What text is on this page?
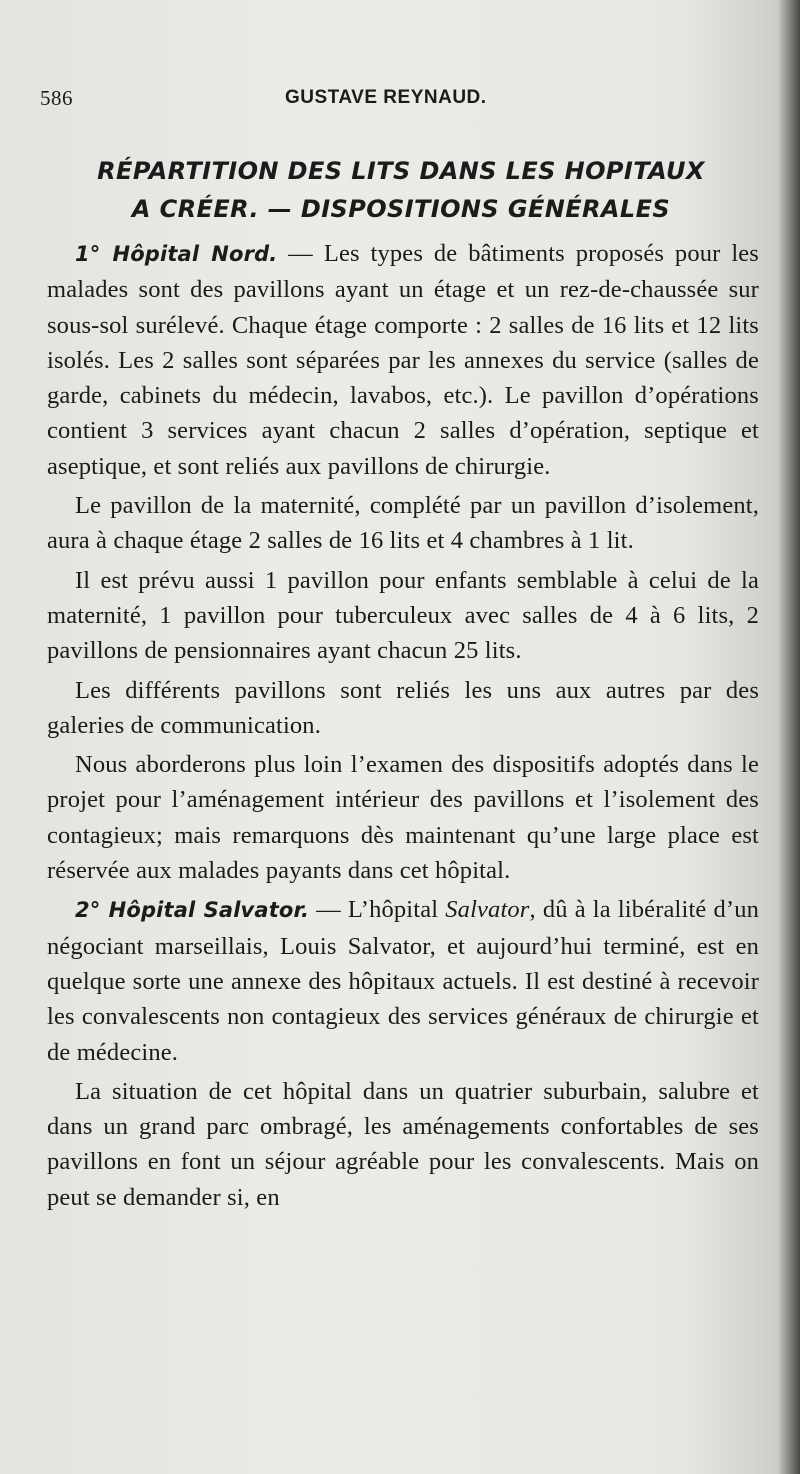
586	GUSTAVE REYNAUD.
RÉPARTITION DES LITS DANS LES HOPITAUX
A CRÉER. — DISPOSITIONS GÉNÉRALES

1° Hôpital Nord. — Les types de bâtiments proposés pour les malades sont des pavillons ayant un étage et un rez-de-chaussée sur sous-sol surélevé. Chaque étage comporte : 2 salles de 16 lits et 12 lits isolés. Les 2 salles sont séparées par les annexes du service (salles de garde, cabinets du médecin, lavabos, etc.). Le pavillon d’opérations contient 3 services ayant chacun 2 salles d’opération, septique et aseptique, et sont reliés aux pavillons de chirurgie.

Le pavillon de la maternité, complété par un pavillon d’isolement, aura à chaque étage 2 salles de 16 lits et 4 chambres à 1 lit.

Il est prévu aussi 1 pavillon pour enfants semblable à celui de la maternité, 1 pavillon pour tuberculeux avec salles de 4 à 6 lits, 2 pavillons de pensionnaires ayant chacun 25 lits.

Les différents pavillons sont reliés les uns aux autres par des galeries de communication.

Nous aborderons plus loin l’examen des dispositifs adoptés dans le projet pour l’aménagement intérieur des pavillons et l’isolement des contagieux; mais remarquons dès maintenant qu’une large place est réservée aux malades payants dans cet hôpital.

2° Hôpital Salvator. — L’hôpital Salvator, dû à la libéralité d’un négociant marseillais, Louis Salvator, et aujourd’hui terminé, est en quelque sorte une annexe des hôpitaux actuels. Il est destiné à recevoir les convalescents non contagieux des services généraux de chirurgie et de médecine.

La situation de cet hôpital dans un quatrier suburbain, salubre et dans un grand parc ombragé, les aménagements confortables de ses pavillons en font un séjour agréable pour les convalescents. Mais on peut se demander si, en
